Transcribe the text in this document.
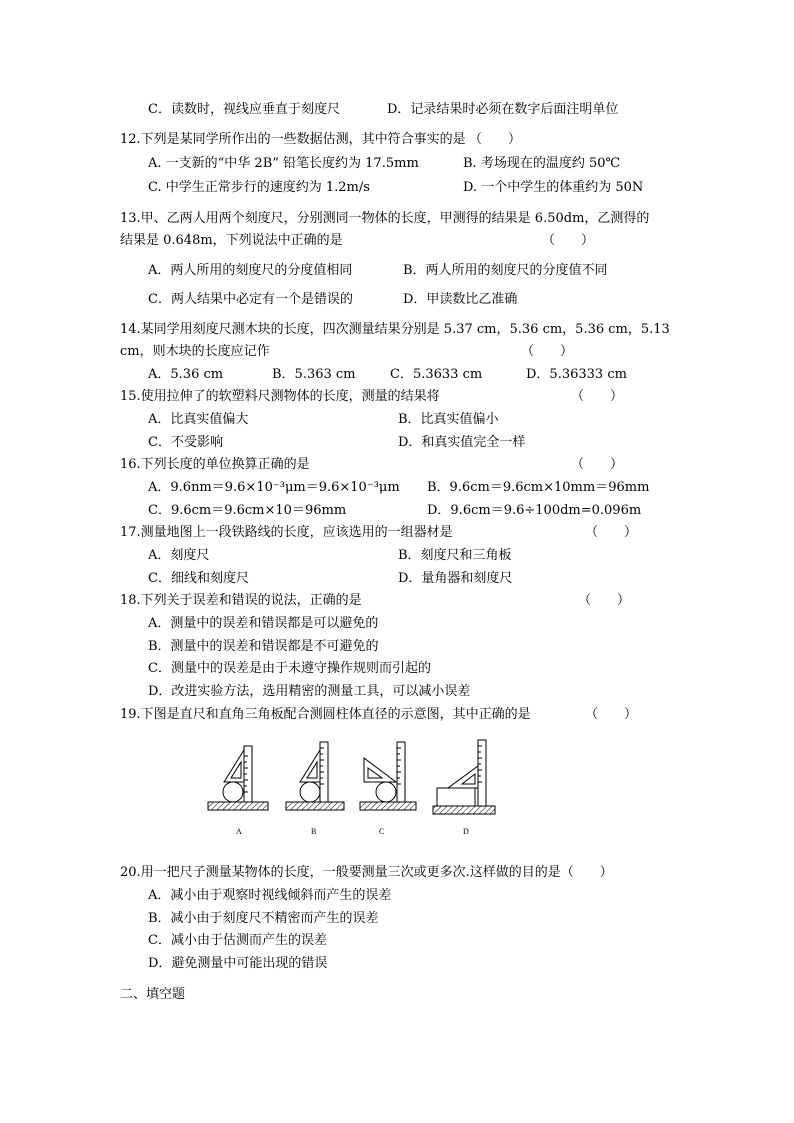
C．读数时，视线应垂直于刻度尺	D．记录结果时必须在数字后面注明单位
12.下列是某同学所作出的一些数据估测，其中符合事实的是 （　　）
A. 一支新的“中华 2B” 铅笔长度约为 17.5mm	B. 考场现在的温度约 50℃
C. 中学生正常步行的速度约为 1.2m/s	D. 一个中学生的体重约为 50N
13.甲、乙两人用两个刻度尺，分别测同一物体的长度，甲测得的结果是 6.50dm，乙测得的
结果是 0.648m，下列说法中正确的是	（　　）
A．两人所用的刻度尺的分度值相同	B．两人所用的刻度尺的分度值不同
C．两人结果中必定有一个是错误的	D．甲读数比乙准确
14.某同学用刻度尺测木块的长度，四次测量结果分别是 5.37 cm，5.36 cm，5.36 cm，5.13
cm，则木块的长度应记作	（　　）
A．5.36 cm	B．5.363 cm	C．5.3633 cm	D．5.36333 cm
15.使用拉伸了的软塑料尺测物体的长度，测量的结果将	（　　）
A．比真实值偏大	B．比真实值偏小
C．不受影响	D．和真实值完全一样
16.下列长度的单位换算正确的是	（　　）
A．9.6nm＝9.6×10⁻³μm＝9.6×10⁻³μm B．9.6cm＝9.6cm×10mm＝96mm
C．9.6cm＝9.6cm×10＝96mm	D．9.6cm＝9.6÷100dm=0.096m
17.测量地图上一段铁路线的长度，应该选用的一组器材是	（　　）
A．刻度尺	B．刻度尺和三角板
C．细线和刻度尺	D．量角器和刻度尺
18.下列关于误差和错误的说法，正确的是	（　　）
A．测量中的误差和错误都是可以避免的
B．测量中的误差和错误都是不可避免的
C．测量中的误差是由于未遵守操作规则而引起的
D．改进实验方法，选用精密的测量工具，可以减小误差
19.下图是直尺和直角三角板配合测圆柱体直径的示意图，其中正确的是	（　　）
A	B	C	D
20.用一把尺子测量某物体的长度，一般要测量三次或更多次.这样做的目的是（　　）
A．减小由于观察时视线倾斜而产生的误差
B．减小由于刻度尺不精密而产生的误差
C．减小由于估测而产生的误差
D．避免测量中可能出现的错误
二、填空题
